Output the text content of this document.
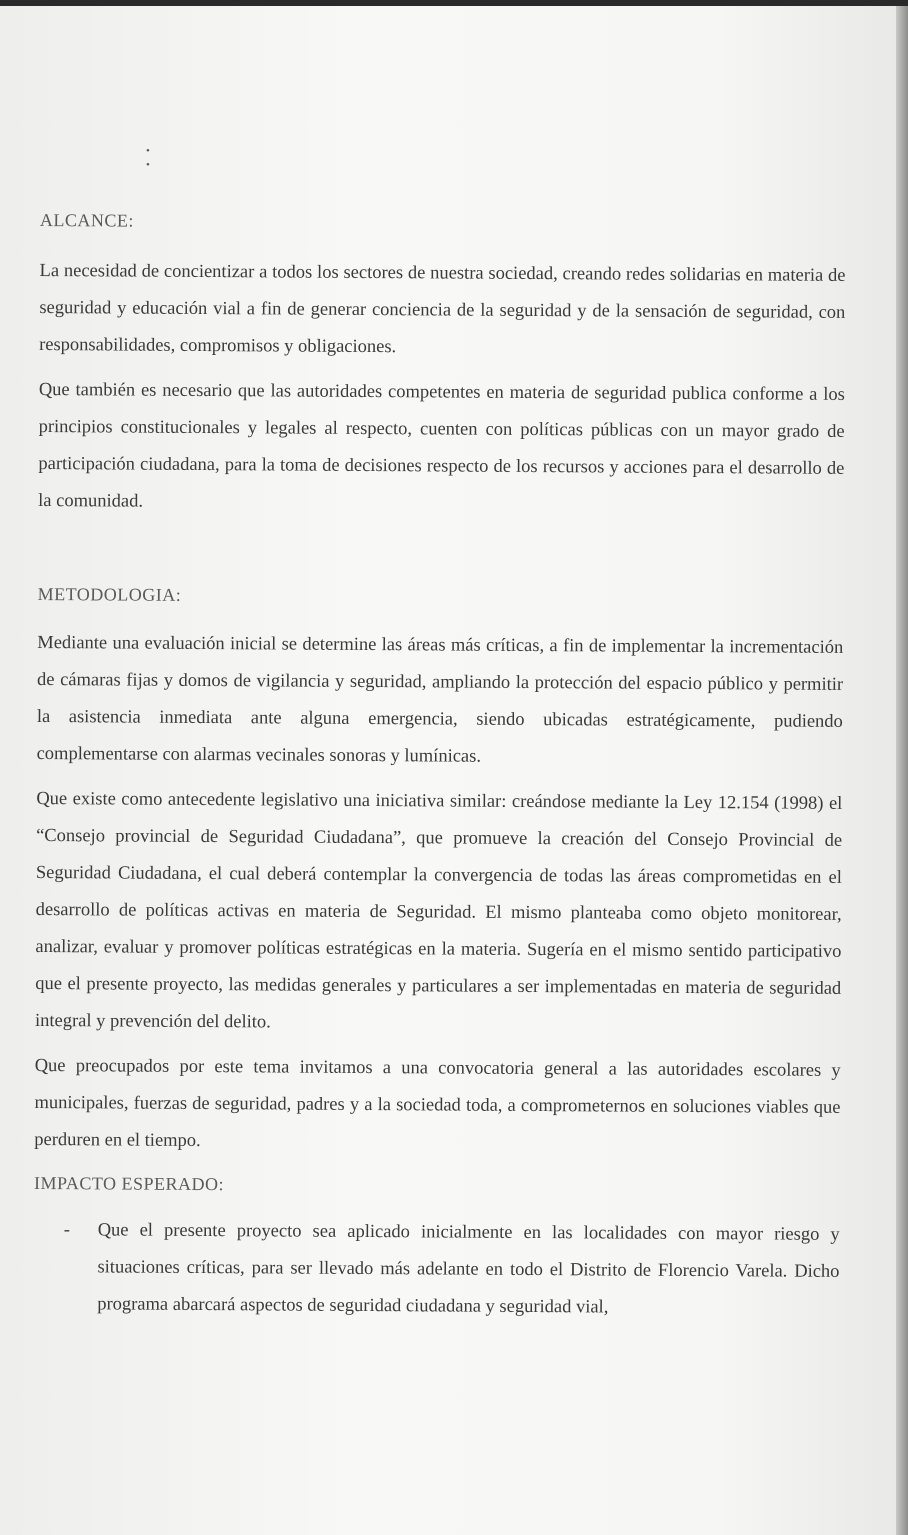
•
•
ALCANCE:

La necesidad de concientizar a todos los sectores de nuestra sociedad, creando redes solidarias en materia de seguridad y educación vial a fin de generar conciencia de la seguridad y de la sensación de seguridad, con responsabilidades, compromisos y obligaciones.

Que también es necesario que las autoridades competentes en materia de seguridad publica conforme a los principios constitucionales y legales al respecto, cuenten con políticas públicas con un mayor grado de participación ciudadana, para la toma de decisiones respecto de los recursos y acciones para el desarrollo de la comunidad.

METODOLOGIA:

Mediante una evaluación inicial se determine las áreas más críticas, a fin de implementar la incrementación de cámaras fijas y domos de vigilancia y seguridad, ampliando la protección del espacio público y permitir la asistencia inmediata ante alguna emergencia, siendo ubicadas estratégicamente, pudiendo complementarse con alarmas vecinales sonoras y lumínicas.

Que existe como antecedente legislativo una iniciativa similar: creándose mediante la Ley 12.154 (1998) el “Consejo provincial de Seguridad Ciudadana”, que promueve la creación del Consejo Provincial de Seguridad Ciudadana, el cual deberá contemplar la convergencia de todas las áreas comprometidas en el desarrollo de políticas activas en materia de Seguridad. El mismo planteaba como objeto monitorear, analizar, evaluar y promover políticas estratégicas en la materia. Sugería en el mismo sentido participativo que el presente proyecto, las medidas generales y particulares a ser implementadas en materia de seguridad integral y prevención del delito.

Que preocupados por este tema invitamos a una convocatoria general a las autoridades escolares y municipales, fuerzas de seguridad, padres y a la sociedad toda, a comprometernos en soluciones viables que perduren en el tiempo.

IMPACTO ESPERADO:
- Que el presente proyecto sea aplicado inicialmente en las localidades con mayor riesgo y situaciones críticas, para ser llevado más adelante en todo el Distrito de Florencio Varela. Dicho programa abarcará aspectos de seguridad ciudadana y seguridad vial,
